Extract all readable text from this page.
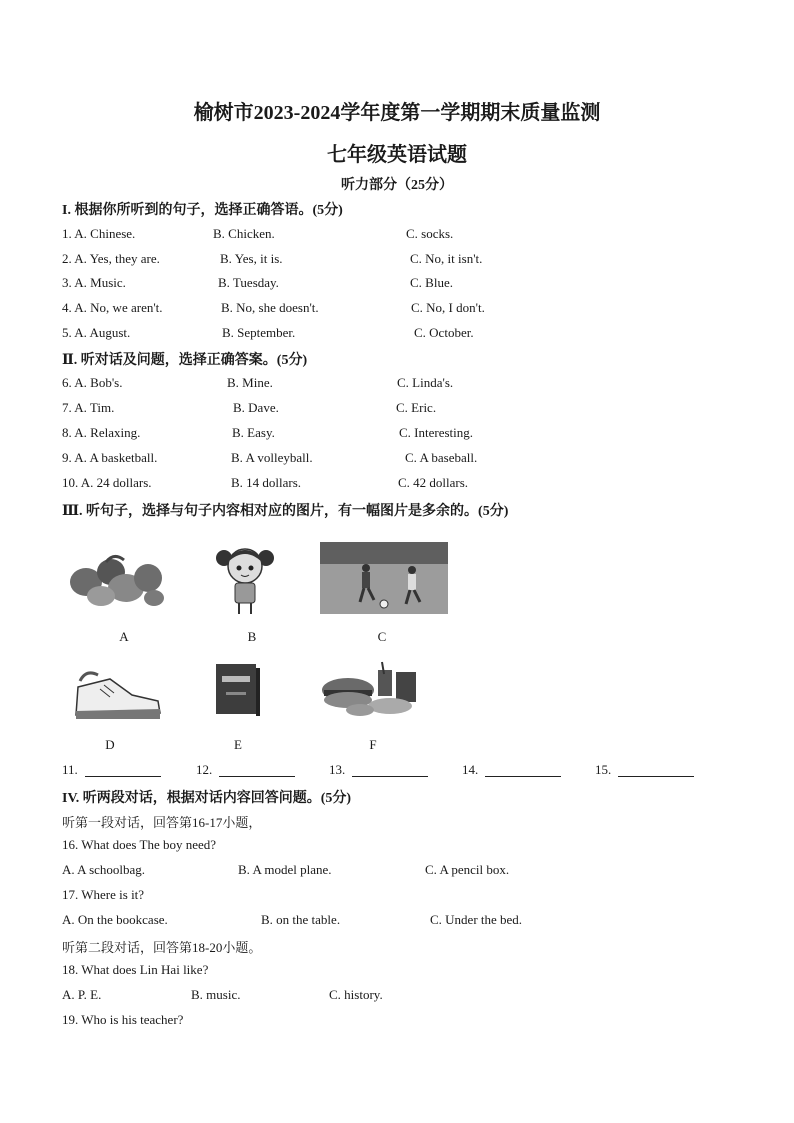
榆树市2023-2024学年度第一学期期末质量监测
七年级英语试题
听力部分（25分）
I. 根据你所听到的句子，选择正确答语。(5分)
1. A. Chinese.	B. Chicken.	C. socks.
2. A. Yes, they are.	B. Yes, it is.	C. No, it isn't.
3. A. Music.	B. Tuesday.	C. Blue.
4. A. No, we aren't.	B. No, she doesn't.	C. No, I don't.
5. A. August.	B. September.	C. October.
Ⅱ. 听对话及问题，选择正确答案。(5分)
6. A. Bob's.	B. Mine.	C. Linda's.
7. A. Tim.	B. Dave.	C. Eric.
8. A. Relaxing.	B. Easy.	C. Interesting.
9. A. A basketball.	B. A volleyball.	C. A baseball.
10. A. 24 dollars.	B. 14 dollars.	C. 42 dollars.
Ⅲ. 听句子，选择与句子内容相对应的图片，有一幅图片是多余的。(5分)
A	B	C
D	E	F
11.	12.	13.	14.	15.
IV. 听两段对话，根据对话内容回答问题。(5分)
听第一段对话，回答第16-17小题，
16. What does The boy need?
A. A schoolbag.	B. A model plane.	C. A pencil box.
17. Where is it?
A. On the bookcase.	B. on the table.	C. Under the bed.
听第二段对话，回答第18-20小题。
18. What does Lin Hai like?
A. P. E.	B. music.	C. history.
19. Who is his teacher?
